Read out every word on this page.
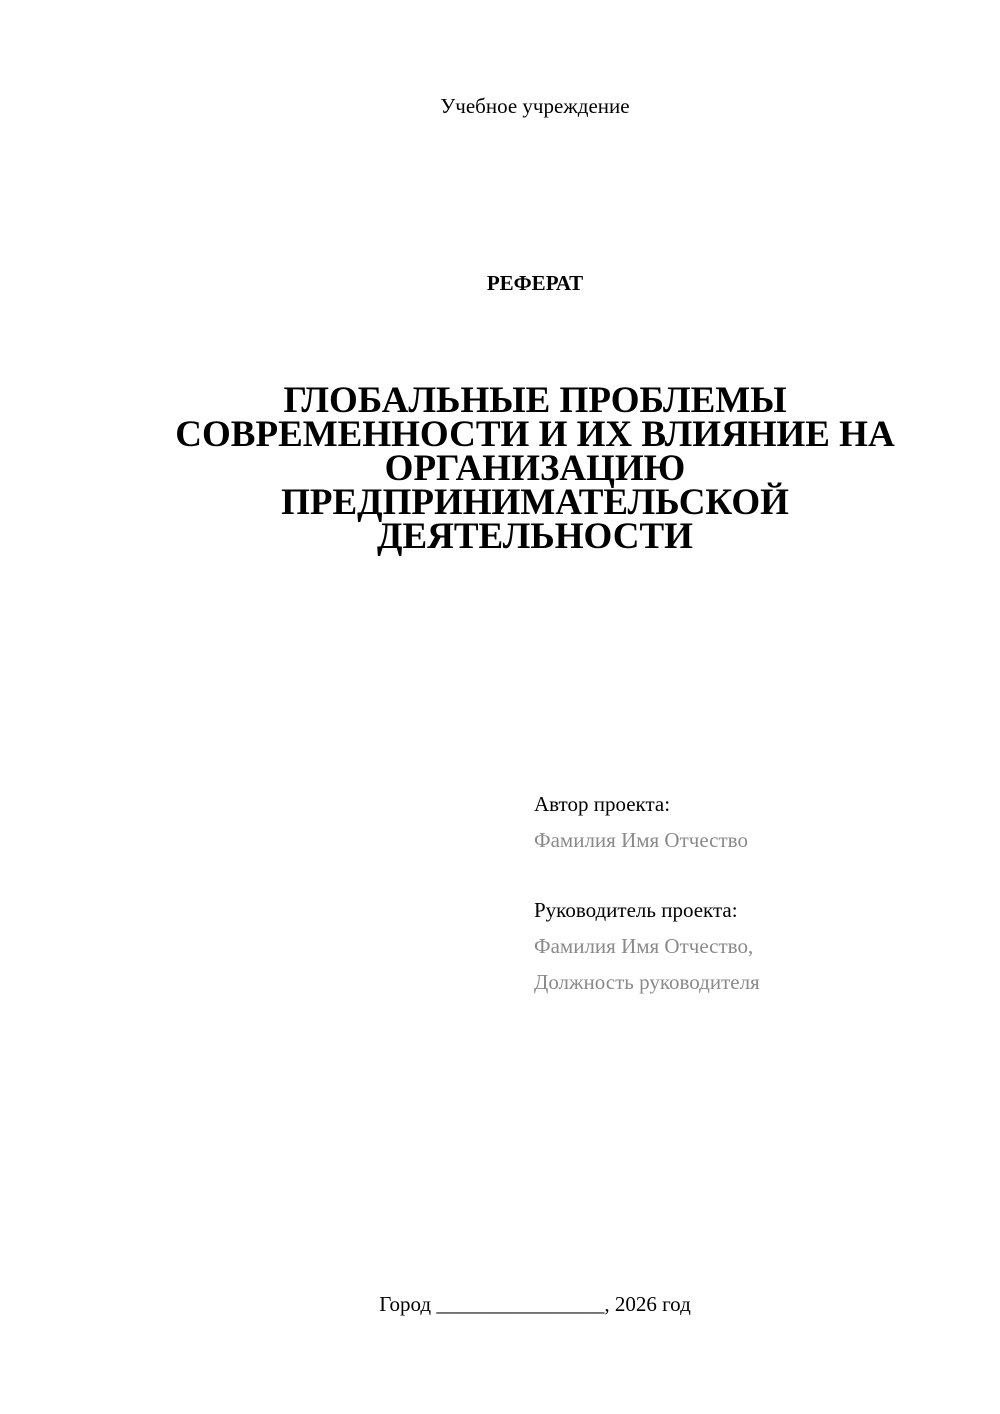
Учебное учреждение
РЕФЕРАТ
ГЛОБАЛЬНЫЕ ПРОБЛЕМЫ
СОВРЕМЕННОСТИ И ИХ ВЛИЯНИЕ НА
ОРГАНИЗАЦИЮ
ПРЕДПРИНИМАТЕЛЬСКОЙ
ДЕЯТЕЛЬНОСТИ
Автор проекта:
Фамилия Имя Отчество
Руководитель проекта:
Фамилия Имя Отчество,
Должность руководителя
Город ________________, 2026 год
